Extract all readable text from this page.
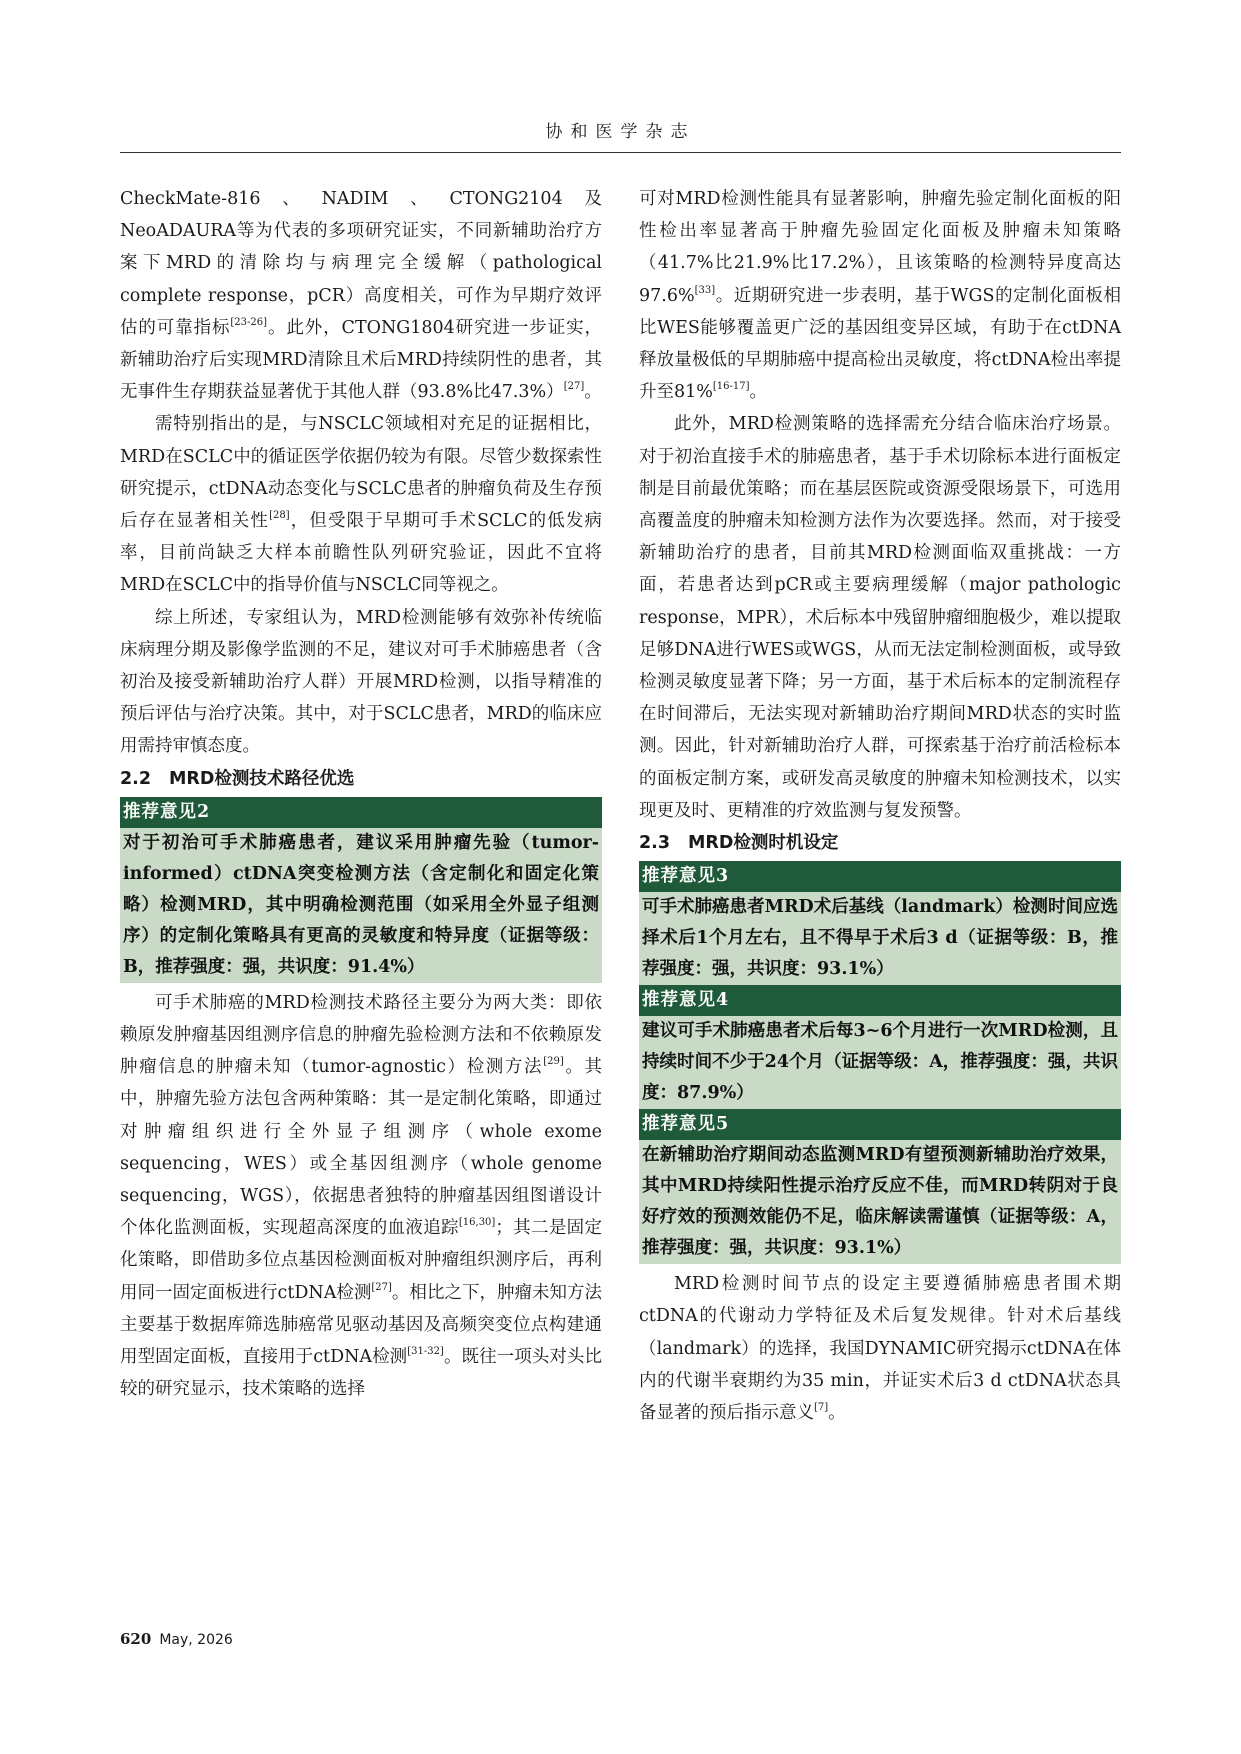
协和医学杂志

CheckMate-816、NADIM、CTONG2104及NeoADAURA等为代表的多项研究证实，不同新辅助治疗方案下MRD的清除均与病理完全缓解（pathological complete response，pCR）高度相关，可作为早期疗效评估的可靠指标[23-26]。此外，CTONG1804研究进一步证实，新辅助治疗后实现MRD清除且术后MRD持续阴性的患者，其无事件生存期获益显著优于其他人群（93.8%比47.3%）[27]。

需特别指出的是，与NSCLC领域相对充足的证据相比，MRD在SCLC中的循证医学依据仍较为有限。尽管少数探索性研究提示，ctDNA动态变化与SCLC患者的肿瘤负荷及生存预后存在显著相关性[28]，但受限于早期可手术SCLC的低发病率，目前尚缺乏大样本前瞻性队列研究验证，因此不宜将MRD在SCLC中的指导价值与NSCLC同等视之。

综上所述，专家组认为，MRD检测能够有效弥补传统临床病理分期及影像学监测的不足，建议对可手术肺癌患者（含初治及接受新辅助治疗人群）开展MRD检测，以指导精准的预后评估与治疗决策。其中，对于SCLC患者，MRD的临床应用需持审慎态度。

2.2 MRD检测技术路径优选

推荐意见2
对于初治可手术肺癌患者，建议采用肿瘤先验（tumor-informed）ctDNA突变检测方法（含定制化和固定化策略）检测MRD，其中明确检测范围（如采用全外显子组测序）的定制化策略具有更高的灵敏度和特异度（证据等级：B，推荐强度：强，共识度：91.4%）

可手术肺癌的MRD检测技术路径主要分为两大类：即依赖原发肿瘤基因组测序信息的肿瘤先验检测方法和不依赖原发肿瘤信息的肿瘤未知（tumor-agnostic）检测方法[29]。其中，肿瘤先验方法包含两种策略：其一是定制化策略，即通过对肿瘤组织进行全外显子组测序（whole exome sequencing，WES）或全基因组测序（whole genome sequencing，WGS），依据患者独特的肿瘤基因组图谱设计个体化监测面板，实现超高深度的血液追踪[16,30]；其二是固定化策略，即借助多位点基因检测面板对肿瘤组织测序后，再利用同一固定面板进行ctDNA检测[27]。相比之下，肿瘤未知方法主要基于数据库筛选肺癌常见驱动基因及高频突变位点构建通用型固定面板，直接用于ctDNA检测[31-32]。既往一项头对头比较的研究显示，技术策略的选择

可对MRD检测性能具有显著影响，肿瘤先验定制化面板的阳性检出率显著高于肿瘤先验固定化面板及肿瘤未知策略（41.7%比21.9%比17.2%），且该策略的检测特异度高达97.6%[33]。近期研究进一步表明，基于WGS的定制化面板相比WES能够覆盖更广泛的基因组变异区域，有助于在ctDNA释放量极低的早期肺癌中提高检出灵敏度，将ctDNA检出率提升至81%[16-17]。

此外，MRD检测策略的选择需充分结合临床治疗场景。对于初治直接手术的肺癌患者，基于手术切除标本进行面板定制是目前最优策略；而在基层医院或资源受限场景下，可选用高覆盖度的肿瘤未知检测方法作为次要选择。然而，对于接受新辅助治疗的患者，目前其MRD检测面临双重挑战：一方面，若患者达到pCR或主要病理缓解（major pathologic response，MPR），术后标本中残留肿瘤细胞极少，难以提取足够DNA进行WES或WGS，从而无法定制检测面板，或导致检测灵敏度显著下降；另一方面，基于术后标本的定制流程存在时间滞后，无法实现对新辅助治疗期间MRD状态的实时监测。因此，针对新辅助治疗人群，可探索基于治疗前活检标本的面板定制方案，或研发高灵敏度的肿瘤未知检测技术，以实现更及时、更精准的疗效监测与复发预警。

2.3 MRD检测时机设定

推荐意见3
可手术肺癌患者MRD术后基线（landmark）检测时间应选择术后1个月左右，且不得早于术后3 d（证据等级：B，推荐强度：强，共识度：93.1%）
推荐意见4
建议可手术肺癌患者术后每3~6个月进行一次MRD检测，且持续时间不少于24个月（证据等级：A，推荐强度：强，共识度：87.9%）
推荐意见5
在新辅助治疗期间动态监测MRD有望预测新辅助治疗效果，其中MRD持续阳性提示治疗反应不佳，而MRD转阴对于良好疗效的预测效能仍不足，临床解读需谨慎（证据等级：A，推荐强度：强，共识度：93.1%）

MRD检测时间节点的设定主要遵循肺癌患者围术期ctDNA的代谢动力学特征及术后复发规律。针对术后基线（landmark）的选择，我国DYNAMIC研究揭示ctDNA在体内的代谢半衰期约为35 min，并证实术后3 d ctDNA状态具备显著的预后指示意义[7]。

620 May, 2026
